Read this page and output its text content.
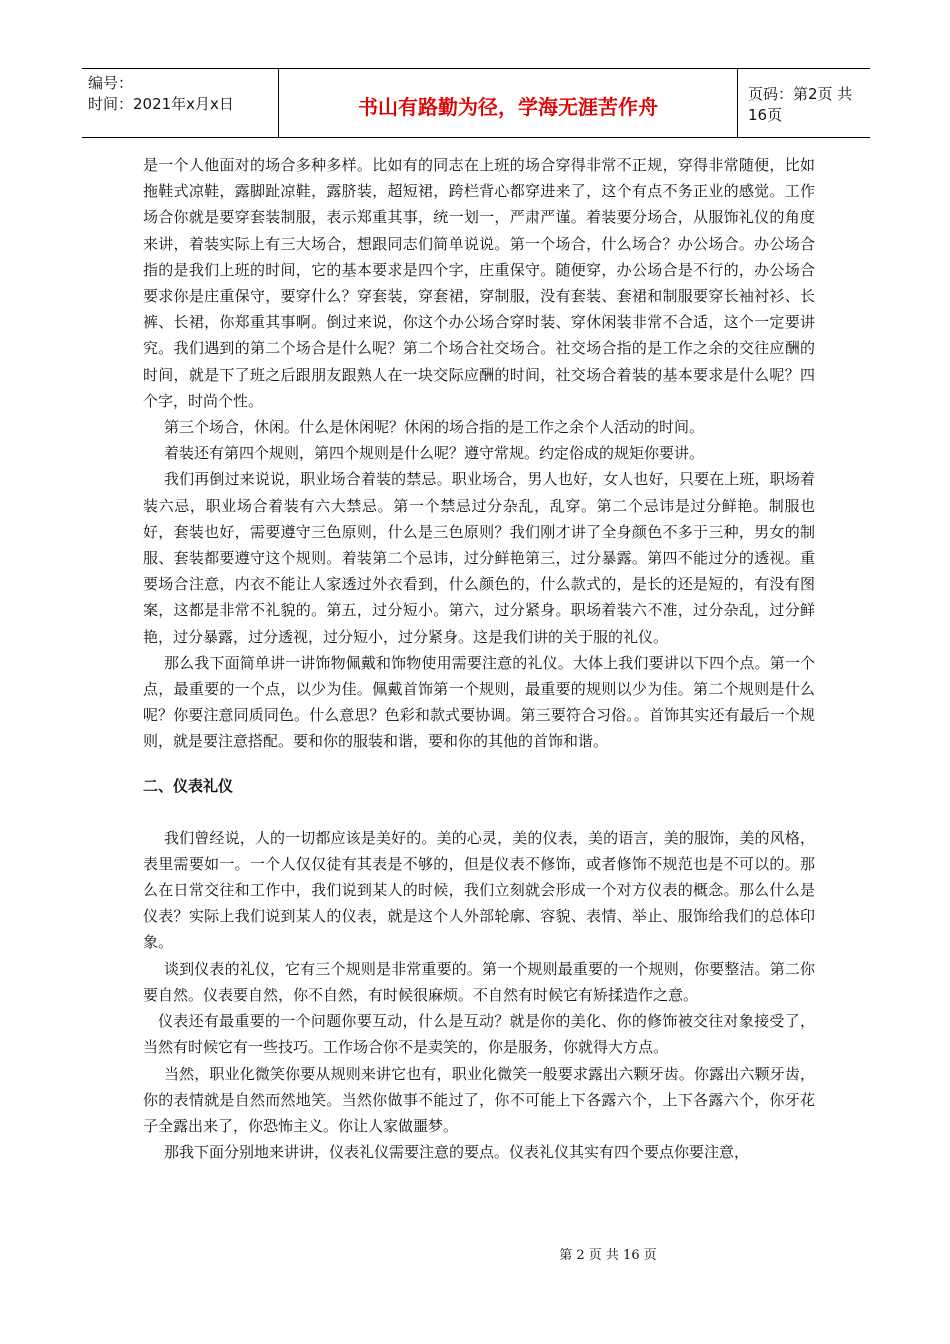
编号：
时间：2021年x月x日	书山有路勤为径，学海无涯苦作舟
页码：第2页 共16页

是一个人他面对的场合多种多样。比如有的同志在上班的场合穿得非常不正规，穿得非常随便，比如拖鞋式凉鞋，露脚趾凉鞋，露脐装，超短裙，跨栏背心都穿进来了，这个有点不务正业的感觉。工作场合你就是要穿套装制服，表示郑重其事，统一划一，严肃严谨。着装要分场合，从服饰礼仪的角度来讲，着装实际上有三大场合，想跟同志们简单说说。第一个场合，什么场合？办公场合。办公场合指的是我们上班的时间，它的基本要求是四个字，庄重保守。随便穿，办公场合是不行的，办公场合要求你是庄重保守，要穿什么？穿套装，穿套裙，穿制服，没有套装、套裙和制服要穿长袖衬衫、长裤、长裙，你郑重其事啊。倒过来说，你这个办公场合穿时装、穿休闲装非常不合适，这个一定要讲究。我们遇到的第二个场合是什么呢？第二个场合社交场合。社交场合指的是工作之余的交往应酬的时间，就是下了班之后跟朋友跟熟人在一块交际应酬的时间，社交场合着装的基本要求是什么呢？四个字，时尚个性。

第三个场合，休闲。什么是休闲呢？休闲的场合指的是工作之余个人活动的时间。

着装还有第四个规则，第四个规则是什么呢？遵守常规。约定俗成的规矩你要讲。

我们再倒过来说说，职业场合着装的禁忌。职业场合，男人也好，女人也好，只要在上班，职场着装六忌，职业场合着装有六大禁忌。第一个禁忌过分杂乱，乱穿。第二个忌讳是过分鲜艳。制服也好，套装也好，需要遵守三色原则，什么是三色原则？我们刚才讲了全身颜色不多于三种，男女的制服、套装都要遵守这个规则。着装第二个忌讳，过分鲜艳第三，过分暴露。第四不能过分的透视。重要场合注意，内衣不能让人家透过外衣看到，什么颜色的，什么款式的，是长的还是短的，有没有图案，这都是非常不礼貌的。第五，过分短小。第六，过分紧身。职场着装六不准，过分杂乱，过分鲜艳，过分暴露，过分透视，过分短小，过分紧身。这是我们讲的关于服的礼仪。

那么我下面简单讲一讲饰物佩戴和饰物使用需要注意的礼仪。大体上我们要讲以下四个点。第一个点，最重要的一个点，以少为佳。佩戴首饰第一个规则，最重要的规则以少为佳。第二个规则是什么呢？你要注意同质同色。什么意思？色彩和款式要协调。第三要符合习俗。。首饰其实还有最后一个规则，就是要注意搭配。要和你的服装和谐，要和你的其他的首饰和谐。

二、仪表礼仪

我们曾经说，人的一切都应该是美好的。美的心灵，美的仪表，美的语言，美的服饰，美的风格，表里需要如一。一个人仅仅徒有其表是不够的，但是仪表不修饰，或者修饰不规范也是不可以的。那么在日常交往和工作中，我们说到某人的时候，我们立刻就会形成一个对方仪表的概念。那么什么是仪表？实际上我们说到某人的仪表，就是这个人外部轮廓、容貌、表情、举止、服饰给我们的总体印象。

谈到仪表的礼仪，它有三个规则是非常重要的。第一个规则最重要的一个规则，你要整洁。第二你要自然。仪表要自然，你不自然，有时候很麻烦。不自然有时候它有矫揉造作之意。

仪表还有最重要的一个问题你要互动，什么是互动？就是你的美化、你的修饰被交往对象接受了，当然有时候它有一些技巧。工作场合你不是卖笑的，你是服务，你就得大方点。

当然，职业化微笑你要从规则来讲它也有，职业化微笑一般要求露出六颗牙齿。你露出六颗牙齿，你的表情就是自然而然地笑。当然你做事不能过了，你不可能上下各露六个，上下各露六个，你牙花子全露出来了，你恐怖主义。你让人家做噩梦。

那我下面分别地来讲讲，仪表礼仪需要注意的要点。仪表礼仪其实有四个要点你要注意，

第 2 页 共 16 页
